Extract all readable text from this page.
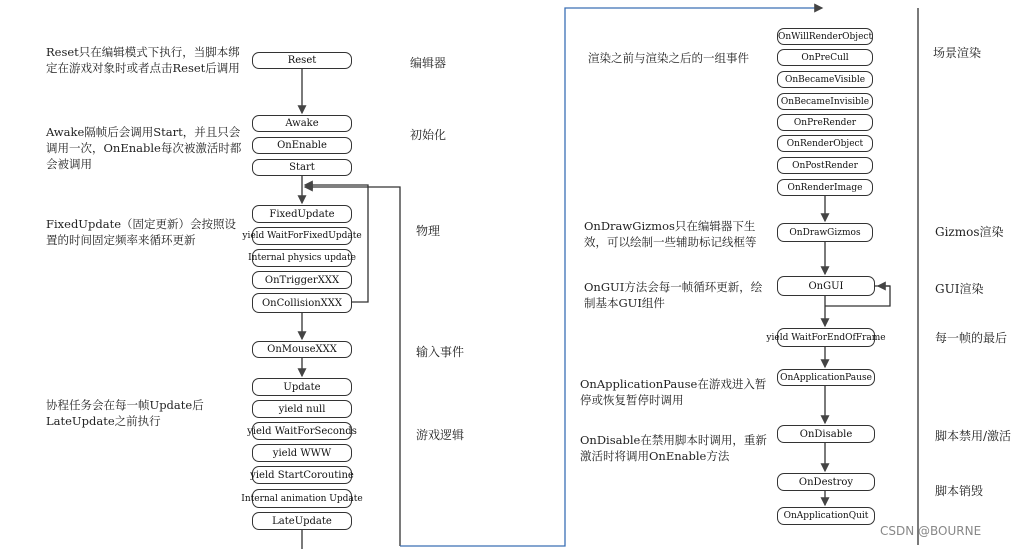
Reset
Awake
OnEnable
Start
FixedUpdate
yield WaitForFixedUpdate
Internal physics update
OnTriggerXXX
OnCollisionXXX
OnMouseXXX
Update
yield null
yield WaitForSeconds
yield WWW
yield StartCoroutine
Internal animation Update
LateUpdate
Reset只在编辑模式下执行，当脚本绑定在游戏对象时或者点击Reset后调用
Awake隔帧后会调用Start，并且只会调用一次，OnEnable每次被激活时都会被调用
FixedUpdate（固定更新）会按照设置的时间固定频率来循环更新
协程任务会在每一帧Update后LateUpdate之前执行
编辑器
初始化
物理
输入事件
游戏逻辑
OnWillRenderObject
OnPreCull
OnBecameVisible
OnBecameInvisible
OnPreRender
OnRenderObject
OnPostRender
OnRenderImage
OnDrawGizmos
OnGUI
yield WaitForEndOfFrame
OnApplicationPause
OnDisable
OnDestroy
OnApplicationQuit
渲染之前与渲染之后的一组事件
OnDrawGizmos只在编辑器下生效，可以绘制一些辅助标记线框等
OnGUI方法会每一帧循环更新，绘制基本GUI组件
OnApplicationPause在游戏进入暂停或恢复暂停时调用
OnDisable在禁用脚本时调用，重新激活时将调用OnEnable方法
场景渲染
Gizmos渲染
GUI渲染
每一帧的最后
脚本禁用/激活
脚本销毁
CSDN @BOURNE
